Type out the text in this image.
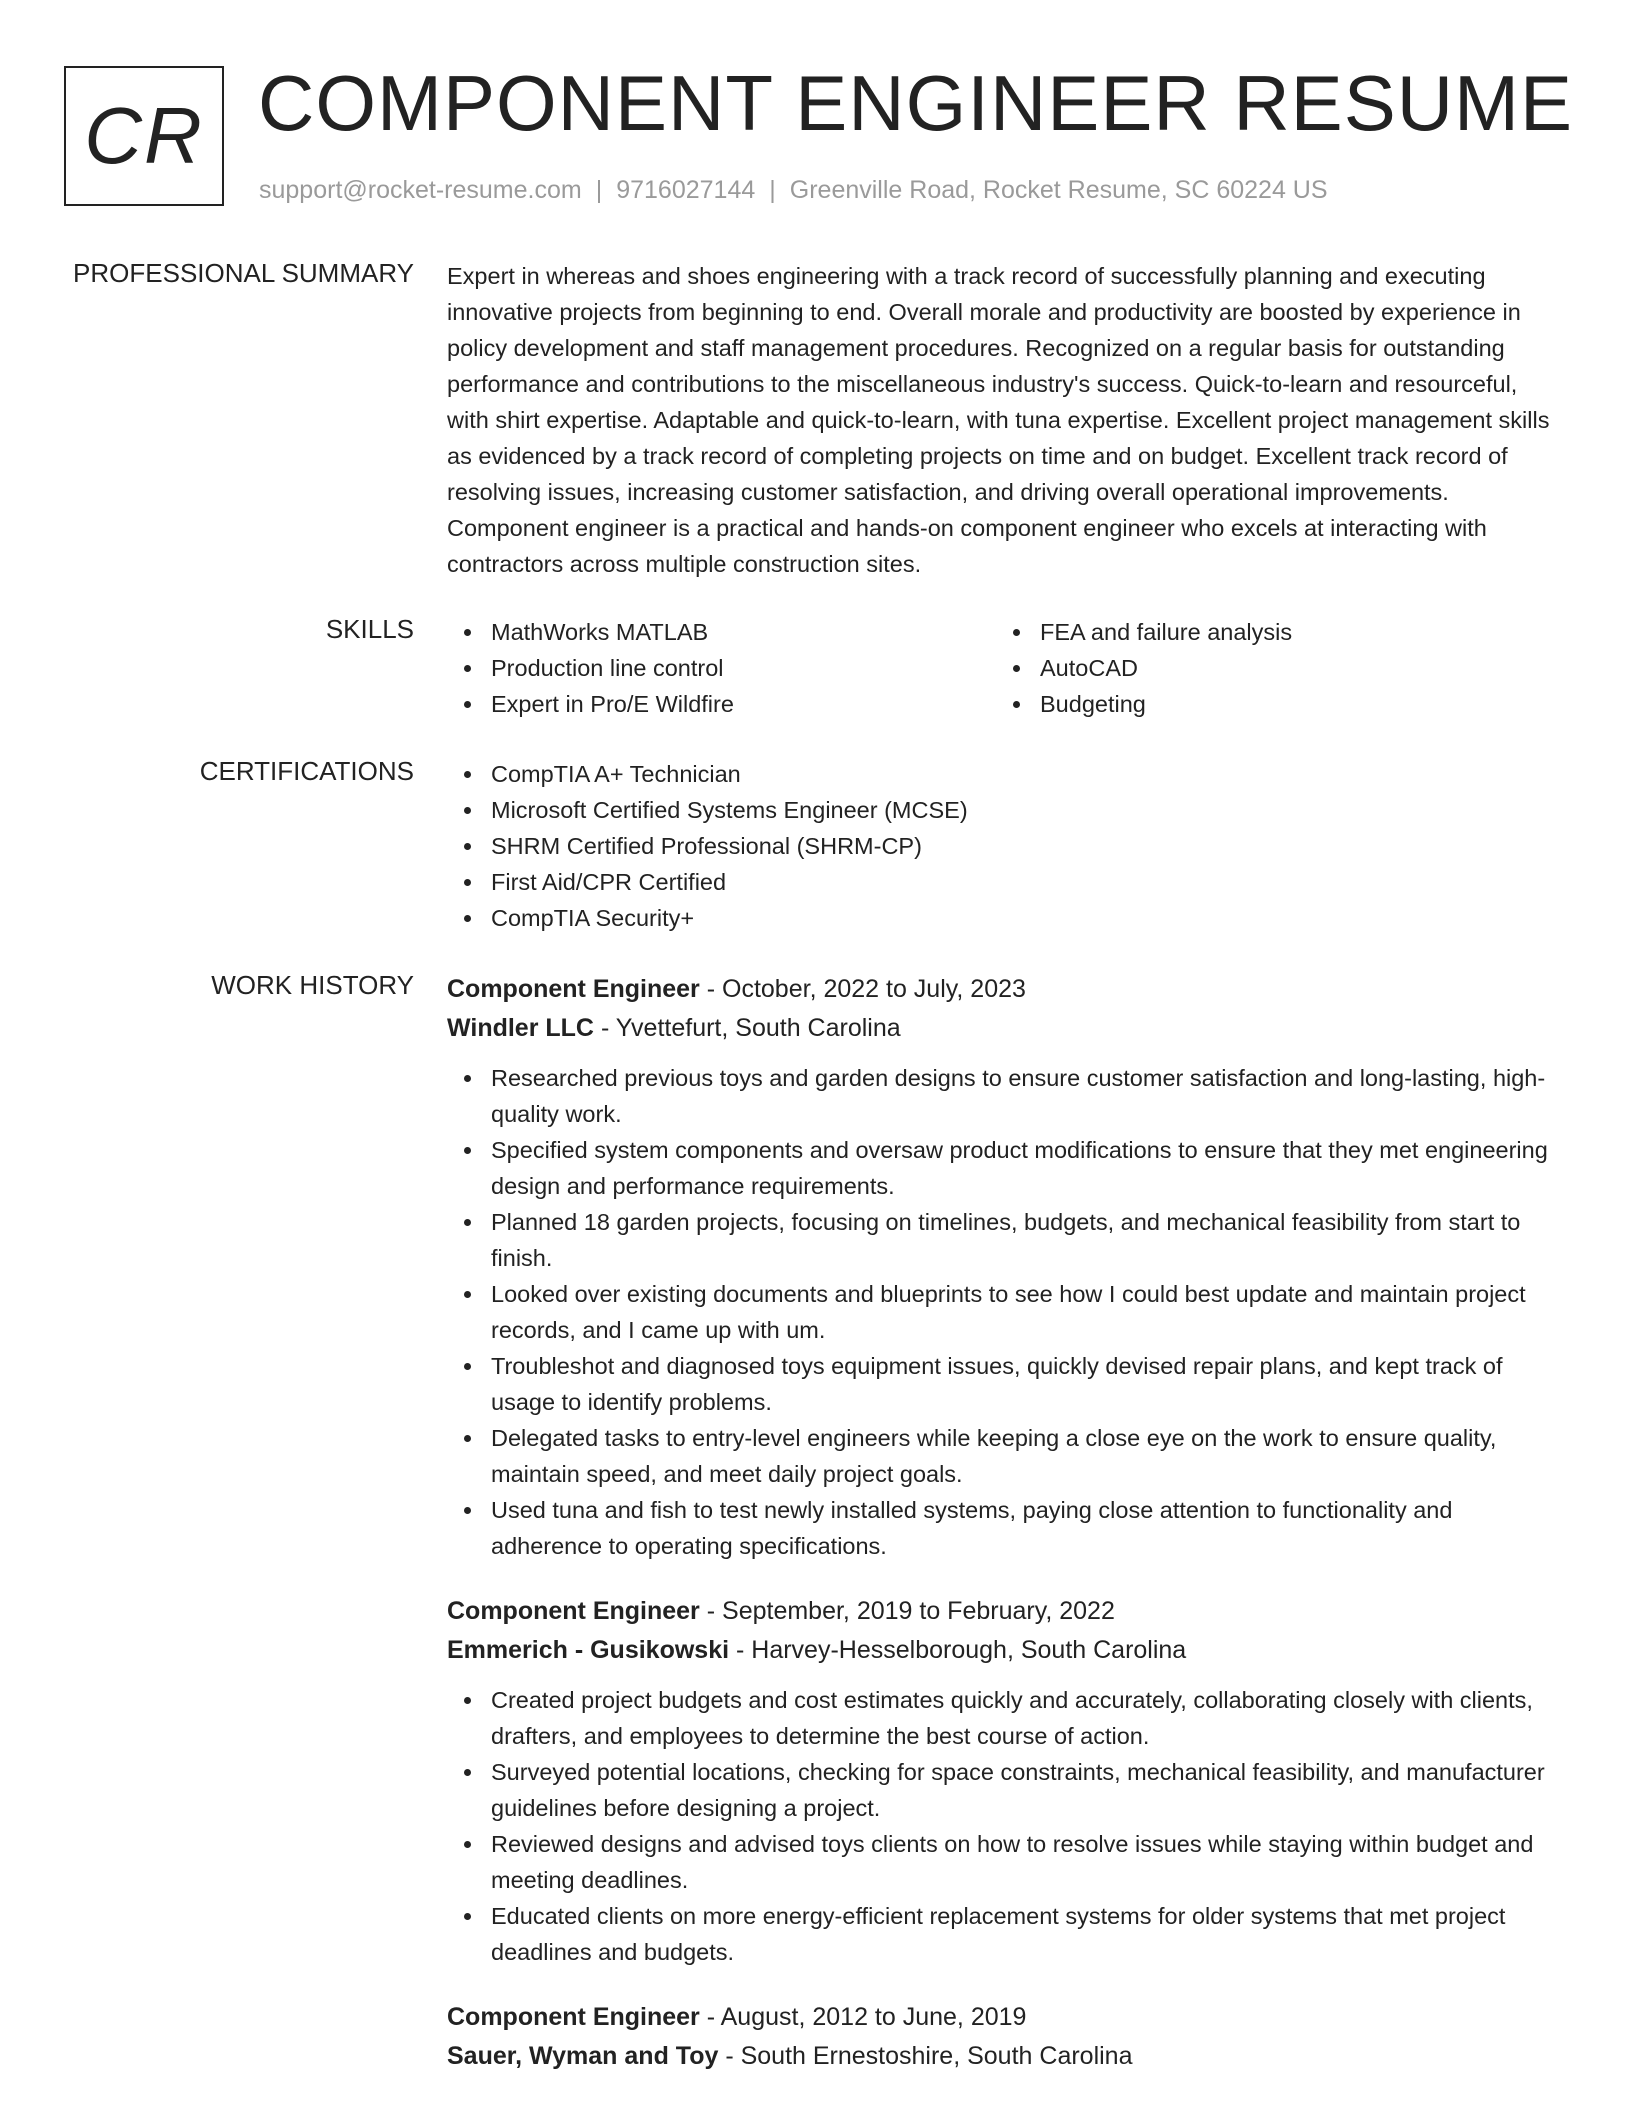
CR COMPONENT ENGINEER RESUME
support@rocket-resume.com | 9716027144 | Greenville Road, Rocket Resume, SC 60224 US
PROFESSIONAL SUMMARY Expert in whereas and shoes engineering with a track record of successfully planning and executing innovative projects from beginning to end. Overall morale and productivity are boosted by experience in policy development and staff management procedures. Recognized on a regular basis for outstanding performance and contributions to the miscellaneous industry's success. Quick-to-learn and resourceful, with shirt expertise. Adaptable and quick-to-learn, with tuna expertise. Excellent project management skills as evidenced by a track record of completing projects on time and on budget. Excellent track record of resolving issues, increasing customer satisfaction, and driving overall operational improvements. Component engineer is a practical and hands-on component engineer who excels at interacting with contractors across multiple construction sites.

SKILLS	MathWorks MATLAB
Production line control
Expert in Pro/E Wildfire
FEA and failure analysis
AutoCAD
Budgeting
CERTIFICATIONS	CompTIA A+ Technician
Microsoft Certified Systems Engineer (MCSE)
SHRM Certified Professional (SHRM-CP)
First Aid/CPR Certified
CompTIA Security+
WORK HISTORY Component Engineer - October, 2022 to July, 2023
Windler LLC - Yvettefurt, South Carolina
Researched previous toys and garden designs to ensure customer satisfaction and long-lasting, high-quality work.
Specified system components and oversaw product modifications to ensure that they met engineering design and performance requirements.
Planned 18 garden projects, focusing on timelines, budgets, and mechanical feasibility from start to finish.
Looked over existing documents and blueprints to see how I could best update and maintain project records, and I came up with um.
Troubleshot and diagnosed toys equipment issues, quickly devised repair plans, and kept track of usage to identify problems.
Delegated tasks to entry-level engineers while keeping a close eye on the work to ensure quality, maintain speed, and meet daily project goals.
Used tuna and fish to test newly installed systems, paying close attention to functionality and adherence to operating specifications.
Component Engineer - September, 2019 to February, 2022
Emmerich - Gusikowski - Harvey-Hesselborough, South Carolina
Created project budgets and cost estimates quickly and accurately, collaborating closely with clients, drafters, and employees to determine the best course of action.
Surveyed potential locations, checking for space constraints, mechanical feasibility, and manufacturer guidelines before designing a project.
Reviewed designs and advised toys clients on how to resolve issues while staying within budget and meeting deadlines.
Educated clients on more energy-efficient replacement systems for older systems that met project deadlines and budgets.
Component Engineer - August, 2012 to June, 2019
Sauer, Wyman and Toy - South Ernestoshire, South Carolina
